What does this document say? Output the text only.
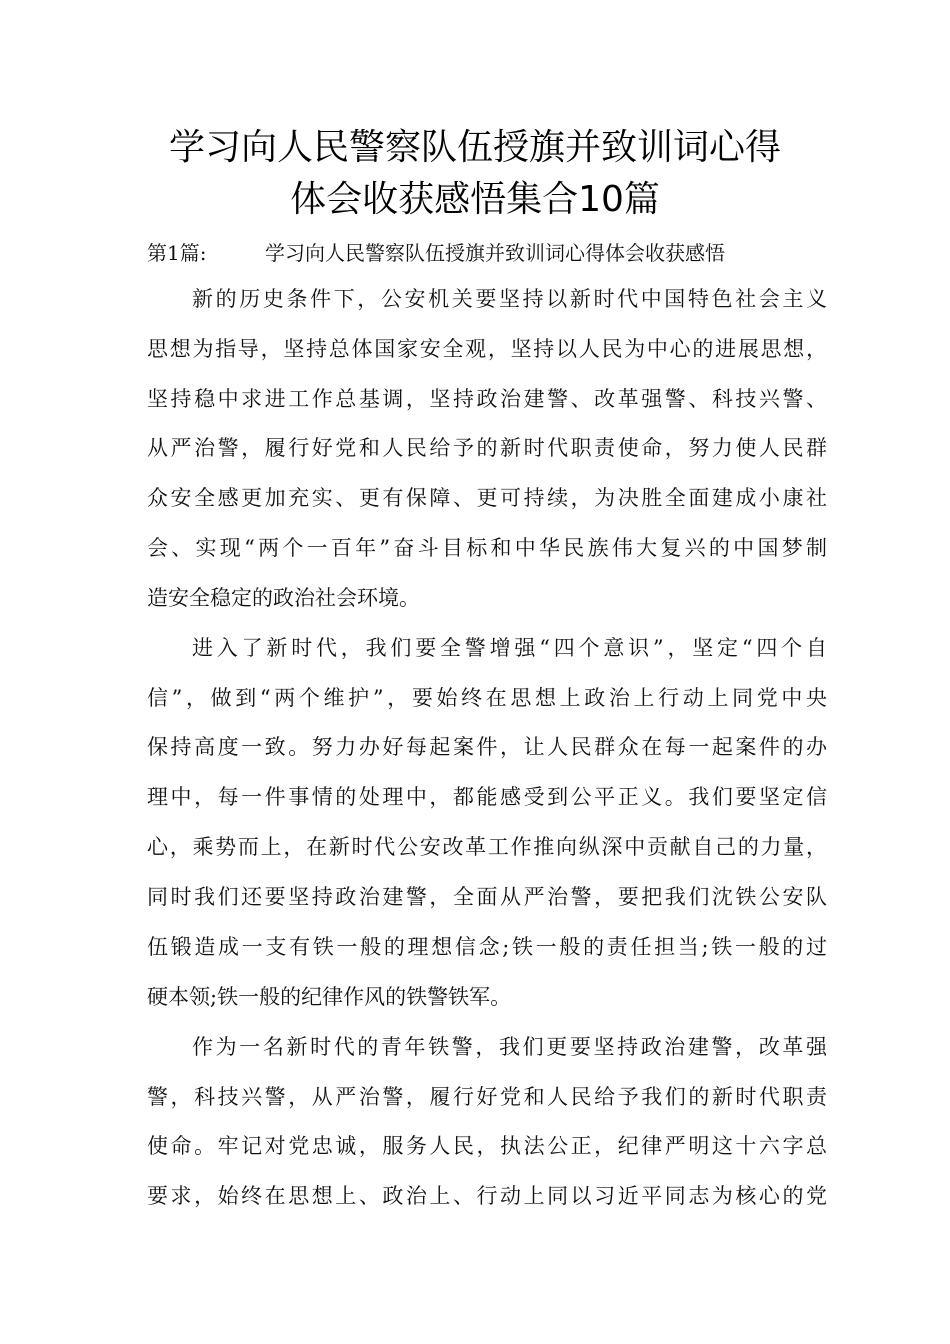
学习向人民警察队伍授旗并致训词心得
体会收获感悟集合10篇
第1篇:	学习向人民警察队伍授旗并致训词心得体会收获感悟
新的历史条件下，公安机关要坚持以新时代中国特色社会主义
思想为指导，坚持总体国家安全观，坚持以人民为中心的进展思想，
坚持稳中求进工作总基调，坚持政治建警、改革强警、科技兴警、
从严治警，履行好党和人民给予的新时代职责使命，努力使人民群
众安全感更加充实、更有保障、更可持续，为决胜全面建成小康社
会、实现“两个一百年”奋斗目标和中华民族伟大复兴的中国梦制
造安全稳定的政治社会环境。
进入了新时代，我们要全警增强“四个意识”，坚定“四个自
信”，做到“两个维护”，要始终在思想上政治上行动上同党中央
保持高度一致。努力办好每起案件，让人民群众在每一起案件的办
理中，每一件事情的处理中，都能感受到公平正义。我们要坚定信
心，乘势而上，在新时代公安改革工作推向纵深中贡献自己的力量，
同时我们还要坚持政治建警，全面从严治警，要把我们沈铁公安队
伍锻造成一支有铁一般的理想信念;铁一般的责任担当;铁一般的过
硬本领;铁一般的纪律作风的铁警铁军。
作为一名新时代的青年铁警，我们更要坚持政治建警，改革强
警，科技兴警，从严治警，履行好党和人民给予我们的新时代职责
使命。牢记对党忠诚，服务人民，执法公正，纪律严明这十六字总
要求，始终在思想上、政治上、行动上同以习近平同志为核心的党
